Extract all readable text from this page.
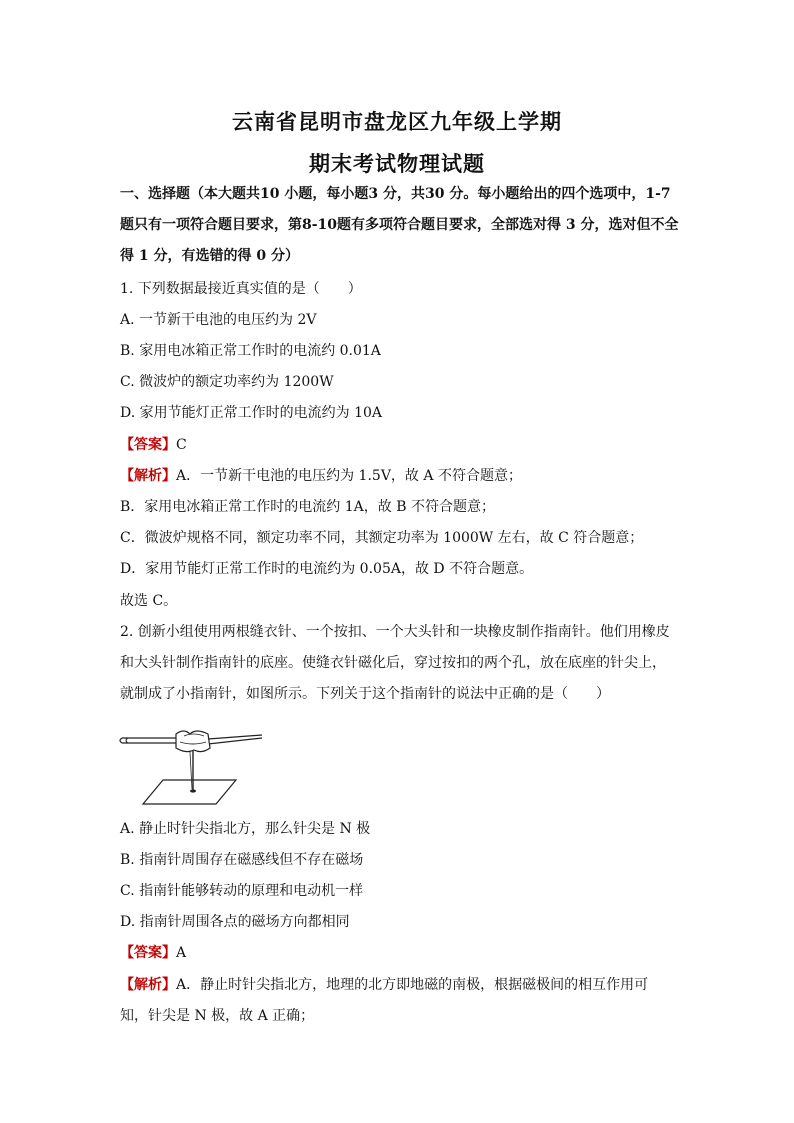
云南省昆明市盘龙区九年级上学期
期末考试物理试题
一、选择题（本大题共10 小题，每小题3 分，共30 分。每小题给出的四个选项中，1-7
题只有一项符合题目要求，第8-10题有多项符合题目要求，全部选对得 3 分，选对但不全
得 1 分，有选错的得 0 分）
1. 下列数据最接近真实值的是（　　）
A. 一节新干电池的电压约为 2V
B. 家用电冰箱正常工作时的电流约 0.01A
C. 微波炉的额定功率约为 1200W
D. 家用节能灯正常工作时的电流约为 10A
【答案】C
【解析】A．一节新干电池的电压约为 1.5V，故 A 不符合题意；
B．家用电冰箱正常工作时的电流约 1A，故 B 不符合题意；
C．微波炉规格不同，额定功率不同，其额定功率为 1000W 左右，故 C 符合题意；
D．家用节能灯正常工作时的电流约为 0.05A，故 D 不符合题意。
故选 C。
2. 创新小组使用两根缝衣针、一个按扣、一个大头针和一块橡皮制作指南针。他们用橡皮
和大头针制作指南针的底座。使缝衣针磁化后，穿过按扣的两个孔，放在底座的针尖上，
就制成了小指南针，如图所示。下列关于这个指南针的说法中正确的是（　　）
A. 静止时针尖指北方，那么针尖是 N 极
B. 指南针周围存在磁感线但不存在磁场
C. 指南针能够转动的原理和电动机一样
D. 指南针周围各点的磁场方向都相同
【答案】A
【解析】A．静止时针尖指北方，地理的北方即地磁的南极，根据磁极间的相互作用可
知，针尖是 N 极，故 A 正确；
